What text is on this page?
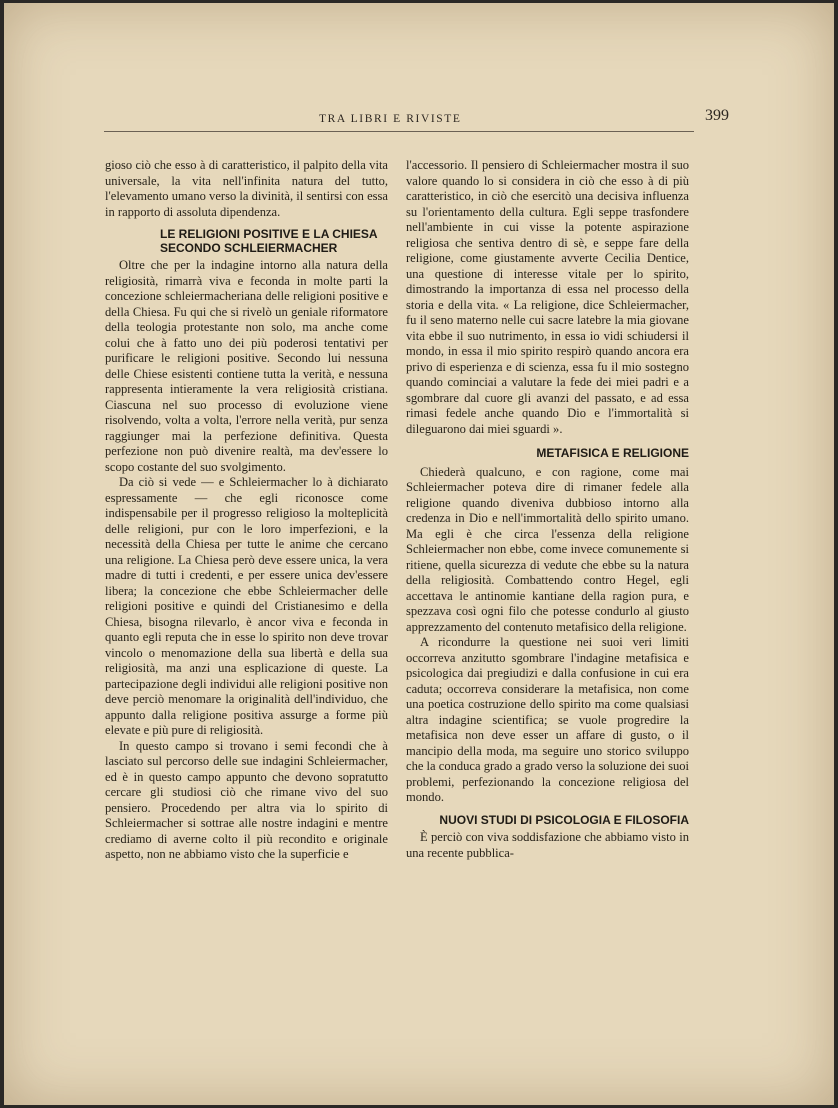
TRA LIBRI E RIVISTE	399

gioso ciò che esso à di caratteristico, il palpito della vita universale, la vita nell'infinita natura del tutto, l'elevamento umano verso la divinità, il sentirsi con essa in rapporto di assoluta dipendenza.

LE RELIGIONI POSITIVE E LA CHIESA SECONDO SCHLEIERMACHER

Oltre che per la indagine intorno alla natura della religiosità, rimarrà viva e feconda in molte parti la concezione schleiermacheriana delle religioni positive e della Chiesa. Fu qui che si rivelò un geniale riformatore della teologia protestante non solo, ma anche come colui che à fatto uno dei più poderosi tentativi per purificare le religioni positive. Secondo lui nessuna delle Chiese esistenti contiene tutta la verità, e nessuna rappresenta intieramente la vera religiosità cristiana. Ciascuna nel suo processo di evoluzione viene risolvendo, volta a volta, l'errore nella verità, pur senza raggiunger mai la perfezione definitiva. Questa perfezione non può divenire realtà, ma dev'essere lo scopo costante del suo svolgimento.

Da ciò si vede — e Schleiermacher lo à dichiarato espressamente — che egli riconosce come indispensabile per il progresso religioso la molteplicità delle religioni, pur con le loro imperfezioni, e la necessità della Chiesa per tutte le anime che cercano una religione. La Chiesa però deve essere unica, la vera madre di tutti i credenti, e per essere unica dev'essere libera; la concezione che ebbe Schleiermacher delle religioni positive e quindi del Cristianesimo e della Chiesa, bisogna rilevarlo, è ancor viva e feconda in quanto egli reputa che in esse lo spirito non deve trovar vincolo o menomazione della sua libertà e della sua religiosità, ma anzi una esplicazione di queste. La partecipazione degli individui alle religioni positive non deve perciò menomare la originalità dell'individuo, che appunto dalla religione positiva assurge a forme più elevate e più pure di religiosità.

In questo campo si trovano i semi fecondi che à lasciato sul percorso delle sue indagini Schleiermacher, ed è in questo campo appunto che devono sopratutto cercare gli studiosi ciò che rimane vivo del suo pensiero. Procedendo per altra via lo spirito di Schleiermacher si sottrae alle nostre indagini e mentre crediamo di averne colto il più recondito e originale aspetto, non ne abbiamo visto che la superficie e

l'accessorio. Il pensiero di Schleiermacher mostra il suo valore quando lo si considera in ciò che esso à di più caratteristico, in ciò che esercitò una decisiva influenza su l'orientamento della cultura. Egli seppe trasfondere nell'ambiente in cui visse la potente aspirazione religiosa che sentiva dentro di sè, e seppe fare della religione, come giustamente avverte Cecilia Dentice, una questione di interesse vitale per lo spirito, dimostrando la importanza di essa nel processo della storia e della vita. « La religione, dice Schleiermacher, fu il seno materno nelle cui sacre latebre la mia giovane vita ebbe il suo nutrimento, in essa io vidi schiudersi il mondo, in essa il mio spirito respirò quando ancora era privo di esperienza e di scienza, essa fu il mio sostegno quando cominciai a valutare la fede dei miei padri e a sgombrare dal cuore gli avanzi del passato, e ad essa rimasi fedele anche quando Dio e l'immortalità si dileguarono dai miei sguardi ».

METAFISICA E RELIGIONE

Chiederà qualcuno, e con ragione, come mai Schleiermacher poteva dire di rimaner fedele alla religione quando diveniva dubbioso intorno alla credenza in Dio e nell'immortalità dello spirito umano. Ma egli è che circa l'essenza della religione Schleiermacher non ebbe, come invece comunemente si ritiene, quella sicurezza di vedute che ebbe su la natura della religiosità. Combattendo contro Hegel, egli accettava le antinomie kantiane della ragion pura, e spezzava così ogni filo che potesse condurlo al giusto apprezzamento del contenuto metafisico della religione.

A ricondurre la questione nei suoi veri limiti occorreva anzitutto sgombrare l'indagine metafisica e psicologica dai pregiudizi e dalla confusione in cui era caduta; occorreva considerare la metafisica, non come una poetica costruzione dello spirito ma come qualsiasi altra indagine scientifica; se vuole progredire la metafisica non deve esser un affare di gusto, o il mancipio della moda, ma seguire uno storico sviluppo che la conduca grado a grado verso la soluzione dei suoi problemi, perfezionando la concezione religiosa del mondo.

NUOVI STUDI DI PSICOLOGIA E FILOSOFIA

È perciò con viva soddisfazione che abbiamo visto in una recente pubblica-
